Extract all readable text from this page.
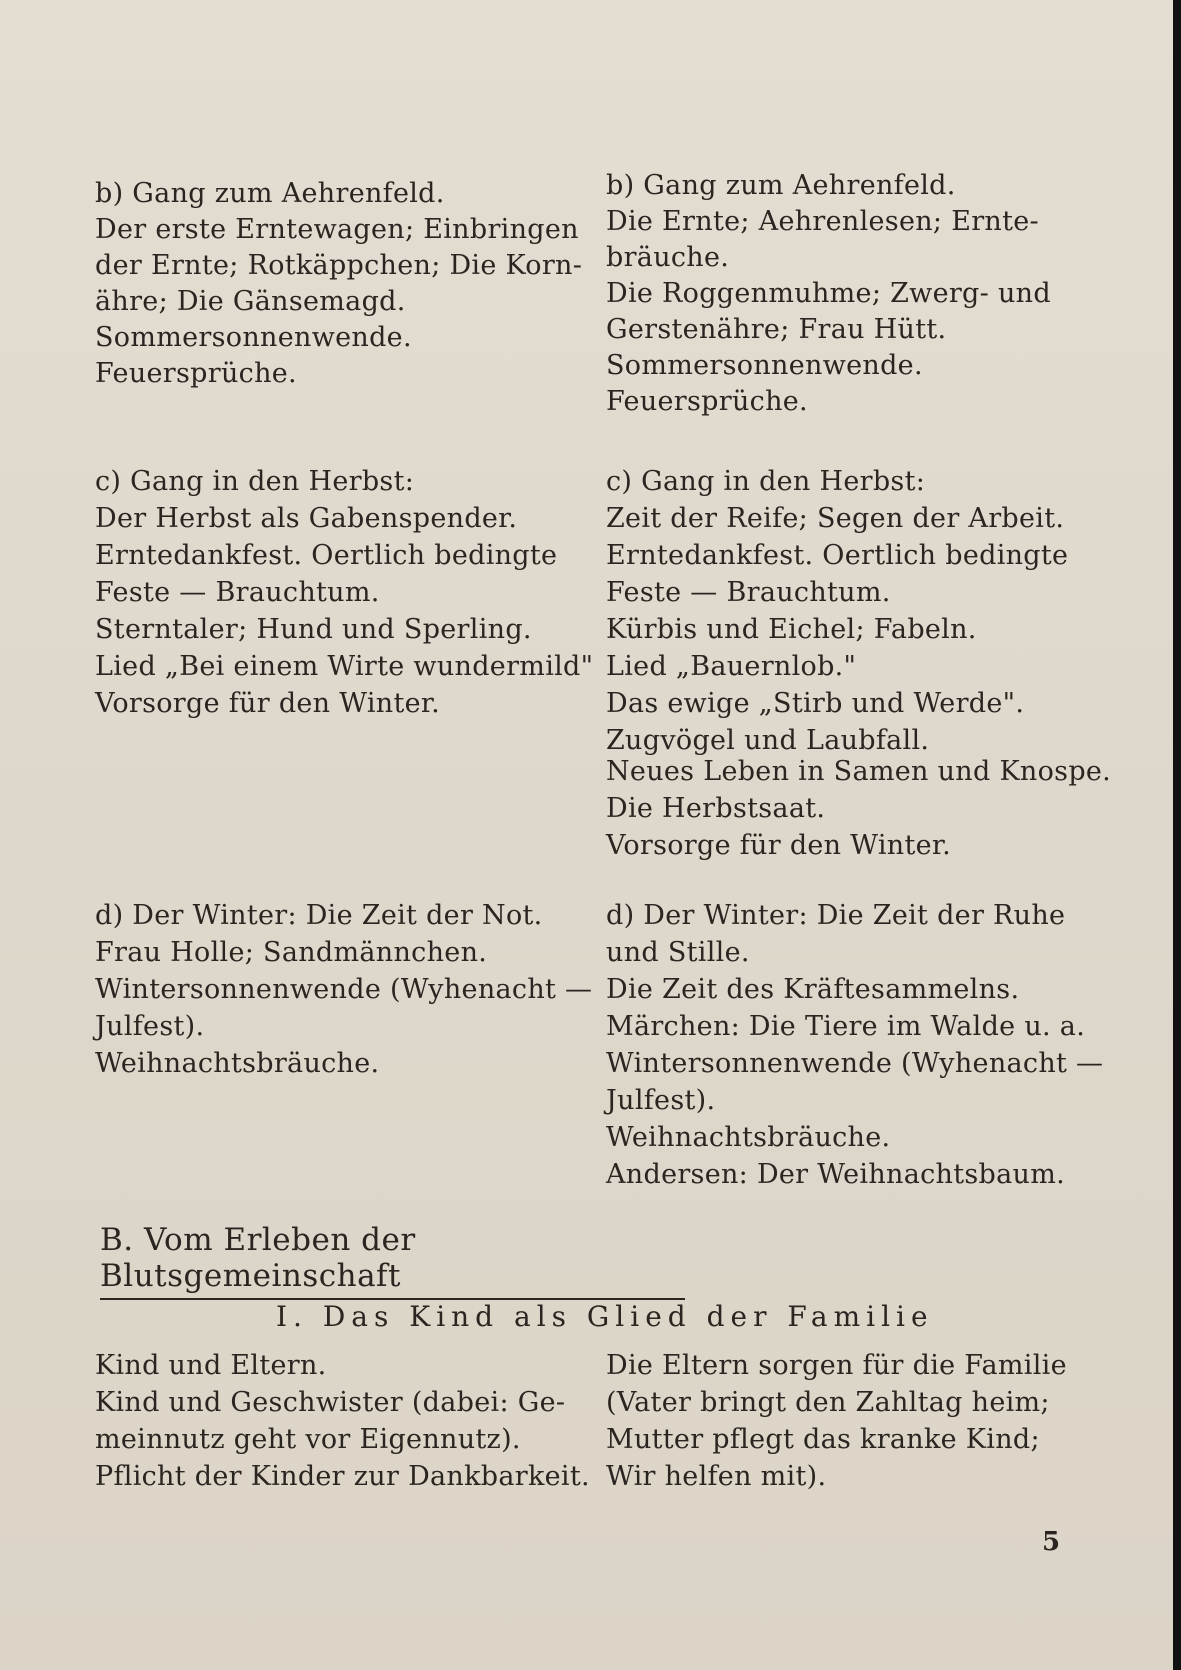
b) Gang zum Aehrenfeld.
Der erste Erntewagen; Einbringen
der Ernte; Rotkäppchen; Die Korn-
ähre; Die Gänsemagd.
Sommersonnenwende.
Feuersprüche.
b) Gang zum Aehrenfeld.
Die Ernte; Aehrenlesen; Ernte-
bräuche.
Die Roggenmuhme; Zwerg- und
Gerstenähre; Frau Hütt.
Sommersonnenwende.
Feuersprüche.
c) Gang in den Herbst:
Der Herbst als Gabenspender.
Erntedankfest. Oertlich bedingte
Feste — Brauchtum.
Sterntaler; Hund und Sperling.
Lied „Bei einem Wirte wundermild"
Vorsorge für den Winter.
c) Gang in den Herbst:
Zeit der Reife; Segen der Arbeit.
Erntedankfest. Oertlich bedingte
Feste — Brauchtum.
Kürbis und Eichel; Fabeln.
Lied „Bauernlob."
Das ewige „Stirb und Werde".
Zugvögel und Laubfall.
Neues Leben in Samen und Knospe.
Die Herbstsaat.
Vorsorge für den Winter.
d) Der Winter: Die Zeit der Not.
Frau Holle; Sandmännchen.
Wintersonnenwende (Wyhenacht —
Julfest).
Weihnachtsbräuche.
d) Der Winter: Die Zeit der Ruhe
und Stille.
Die Zeit des Kräftesammelns.
Märchen: Die Tiere im Walde u. a.
Wintersonnenwende (Wyhenacht —
Julfest).
Weihnachtsbräuche.
Andersen: Der Weihnachtsbaum.
B. Vom Erleben der Blutsgemeinschaft
I. Das Kind als Glied der Familie
Kind und Eltern.
Kind und Geschwister (dabei: Ge-
meinnutz geht vor Eigennutz).
Pflicht der Kinder zur Dankbarkeit.
Die Eltern sorgen für die Familie
(Vater bringt den Zahltag heim;
Mutter pflegt das kranke Kind;
Wir helfen mit).
5
